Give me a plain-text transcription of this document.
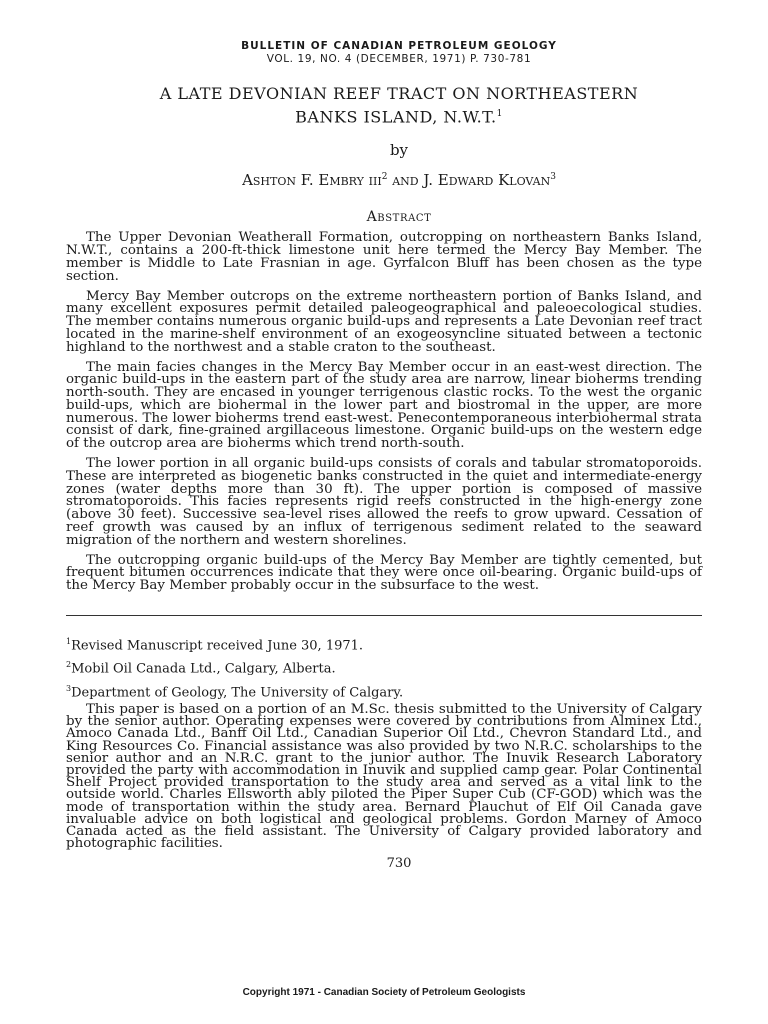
BULLETIN OF CANADIAN PETROLEUM GEOLOGY
VOL. 19, NO. 4 (DECEMBER, 1971) P. 730-781
A LATE DEVONIAN REEF TRACT ON NORTHEASTERN
BANKS ISLAND, N.W.T.$^1$
by
Ashton F. Embry iii$^2$ and J. Edward Klovan$^3$
Abstract

The Upper Devonian Weatherall Formation, outcropping on northeastern Banks Island, N.W.T., contains a 200-ft-thick limestone unit here termed the Mercy Bay Member. The member is Middle to Late Frasnian in age. Gyrfalcon Bluff has been chosen as the type section.

Mercy Bay Member outcrops on the extreme northeastern portion of Banks Island, and many excellent exposures permit detailed paleogeographical and paleoecological studies. The member contains numerous organic build-ups and represents a Late Devonian reef tract located in the marine-shelf environment of an exogeosyncline situated between a tectonic highland to the northwest and a stable craton to the southeast.

The main facies changes in the Mercy Bay Member occur in an east-west direction. The organic build-ups in the eastern part of the study area are narrow, linear bioherms trending north-south. They are encased in younger terrigenous clastic rocks. To the west the organic build-ups, which are biohermal in the lower part and biostromal in the upper, are more numerous. The lower bioherms trend east-west. Penecontemporaneous interbiohermal strata consist of dark, fine-grained argillaceous limestone. Organic build-ups on the western edge of the outcrop area are bioherms which trend north-south.

The lower portion in all organic build-ups consists of corals and tabular stromatoporoids. These are interpreted as biogenetic banks constructed in the quiet and intermediate-energy zones (water depths more than 30 ft). The upper portion is composed of massive stromatoporoids. This facies represents rigid reefs constructed in the high-energy zone (above 30 feet). Successive sea-level rises allowed the reefs to grow upward. Cessation of reef growth was caused by an influx of terrigenous sediment related to the seaward migration of the northern and western shorelines.

The outcropping organic build-ups of the Mercy Bay Member are tightly cemented, but frequent bitumen occurrences indicate that they were once oil-bearing. Organic build-ups of the Mercy Bay Member probably occur in the subsurface to the west.

$^1$Revised Manuscript received June 30, 1971.

$^2$Mobil Oil Canada Ltd., Calgary, Alberta.

$^3$Department of Geology, The University of Calgary.

This paper is based on a portion of an M.Sc. thesis submitted to the University of Calgary by the senior author. Operating expenses were covered by contributions from Alminex Ltd., Amoco Canada Ltd., Banff Oil Ltd., Canadian Superior Oil Ltd., Chevron Standard Ltd., and King Resources Co. Financial assistance was also provided by two N.R.C. scholarships to the senior author and an N.R.C. grant to the junior author. The Inuvik Research Laboratory provided the party with accommodation in Inuvik and supplied camp gear. Polar Continental Shelf Project provided transportation to the study area and served as a vital link to the outside world. Charles Ellsworth ably piloted the Piper Super Cub (CF-GOD) which was the mode of transportation within the study area. Bernard Plauchut of Elf Oil Canada gave invaluable advice on both logistical and geological problems. Gordon Marney of Amoco Canada acted as the field assistant. The University of Calgary provided laboratory and photographic facilities.

730
Copyright 1971 - Canadian Society of Petroleum Geologists
